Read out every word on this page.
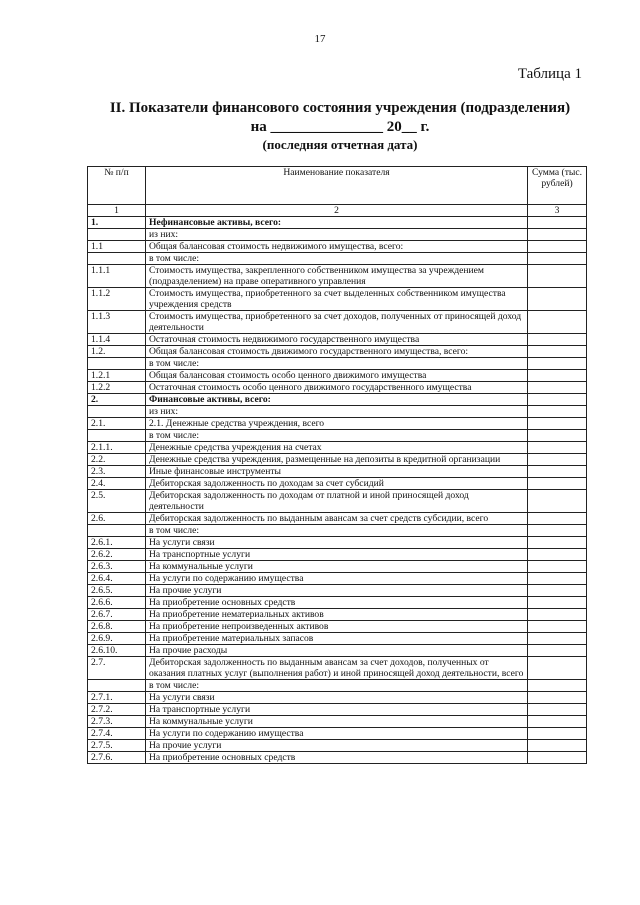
17
Таблица 1
II. Показатели финансового состояния учреждения (подразделения)
на _______________ 20__ г.
(последняя отчетная дата)
№ п/п	Наименование показателя	Сумма (тыс. рублей)
1	2	3
1.	Нефинансовые активы, всего:	
	из них:	
1.1	Общая балансовая стоимость недвижимого имущества, всего:	
	в том числе:	
1.1.1	Стоимость имущества, закрепленного собственником имущества за учреждением (подразделением) на праве оперативного управления	
1.1.2	Стоимость имущества, приобретенного за счет выделенных собственником имущества учреждения средств	
1.1.3	Стоимость имущества, приобретенного за счет доходов, полученных от приносящей доход деятельности	
1.1.4	Остаточная стоимость недвижимого государственного имущества	
1.2.	Общая балансовая стоимость движимого государственного имущества, всего:	
	в том числе:	
1.2.1	Общая балансовая стоимость особо ценного движимого имущества	
1.2.2	Остаточная стоимость особо ценного движимого государственного имущества	
2.	Финансовые активы, всего:	
	из них:	
2.1.	2.1. Денежные средства учреждения, всего	
	в том числе:	
2.1.1.	Денежные средства учреждения на счетах	
2.2.	Денежные средства учреждения, размещенные на депозиты в кредитной организации	
2.3.	Иные финансовые инструменты	
2.4.	Дебиторская задолженность по доходам за счет субсидий	
2.5.	Дебиторская задолженность по доходам от платной и иной приносящей доход деятельности	
2.6.	Дебиторская задолженность по выданным авансам за счет средств субсидии, всего	
	в том числе:	
2.6.1.	На услуги связи	
2.6.2.	На транспортные услуги	
2.6.3.	На коммунальные услуги	
2.6.4.	На услуги по содержанию имущества	
2.6.5.	На прочие услуги	
2.6.6.	На приобретение основных средств	
2.6.7.	На приобретение нематериальных активов	
2.6.8.	На приобретение непроизведенных активов	
2.6.9.	На приобретение материальных запасов	
2.6.10.	На прочие расходы	
2.7.	Дебиторская задолженность по выданным авансам за счет доходов, полученных от оказания платных услуг (выполнения работ) и иной приносящей доход деятельности, всего	
	в том числе:	
2.7.1.	На услуги связи	
2.7.2.	На транспортные услуги	
2.7.3.	На коммунальные услуги	
2.7.4.	На услуги по содержанию имущества	
2.7.5.	На прочие услуги	
2.7.6.	На приобретение основных средств	
